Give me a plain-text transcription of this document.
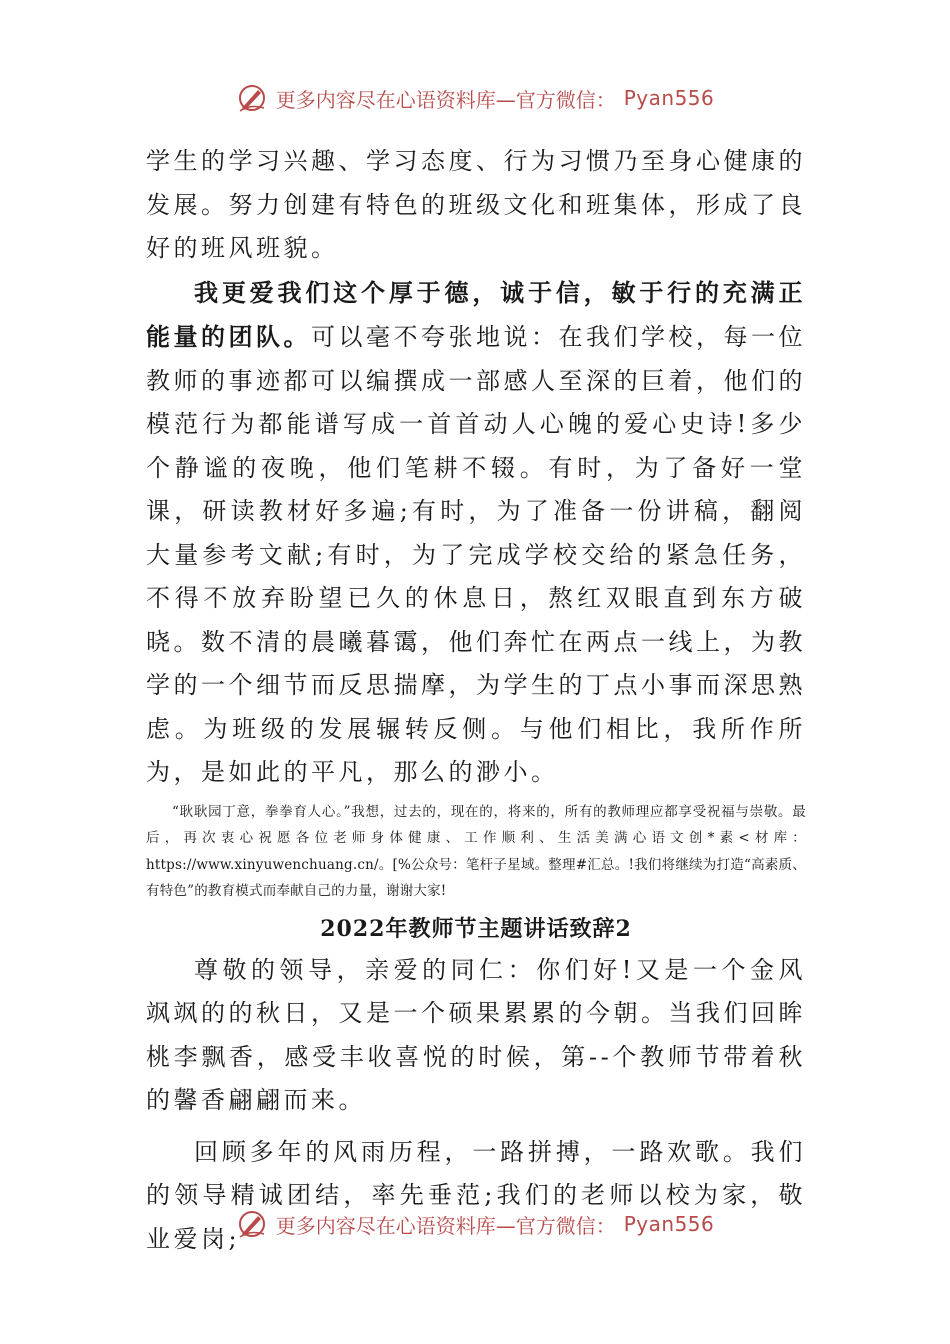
更多内容尽在心语资料库—官方微信： Pyan556

学生的学习兴趣、学习态度、行为习惯乃至身心健康的发展。努力创建有特色的班级文化和班集体，形成了良好的班风班貌。

我更爱我们这个厚于德，诚于信，敏于行的充满正能量的团队。可以毫不夸张地说：在我们学校，每一位教师的事迹都可以编撰成一部感人至深的巨着，他们的模范行为都能谱写成一首首动人心魄的爱心史诗!多少个静谧的夜晚，他们笔耕不辍。有时，为了备好一堂课，研读教材好多遍;有时，为了准备一份讲稿，翻阅大量参考文献;有时，为了完成学校交给的紧急任务，不得不放弃盼望已久的休息日，熬红双眼直到东方破晓。数不清的晨曦暮霭，他们奔忙在两点一线上，为教学的一个细节而反思揣摩，为学生的丁点小事而深思熟虑。为班级的发展辗转反侧。与他们相比，我所作所为，是如此的平凡，那么的渺小。

“耿耿园丁意，拳拳育人心。”我想，过去的，现在的，将来的，所有的教师理应都享受祝福与崇敬。最后，再次衷心祝愿各位老师身体健康、工作顺利、生活美满心语文创*素<材库：https://www.xinyuwenchuang.cn/。[%公众号：笔杆子星域。整理#汇总。!我们将继续为打造“高素质、有特色”的教育模式而奉献自己的力量，谢谢大家!

2022年教师节主题讲话致辞2

尊敬的领导，亲爱的同仁：你们好!又是一个金风飒飒的的秋日，又是一个硕果累累的今朝。当我们回眸桃李飘香，感受丰收喜悦的时候，第--个教师节带着秋的馨香翩翩而来。

回顾多年的风雨历程，一路拼搏，一路欢歌。我们的领导精诚团结，率先垂范;我们的老师以校为家，敬业爱岗;	更多内容尽在心语资料库—官方微信： Pyan556
